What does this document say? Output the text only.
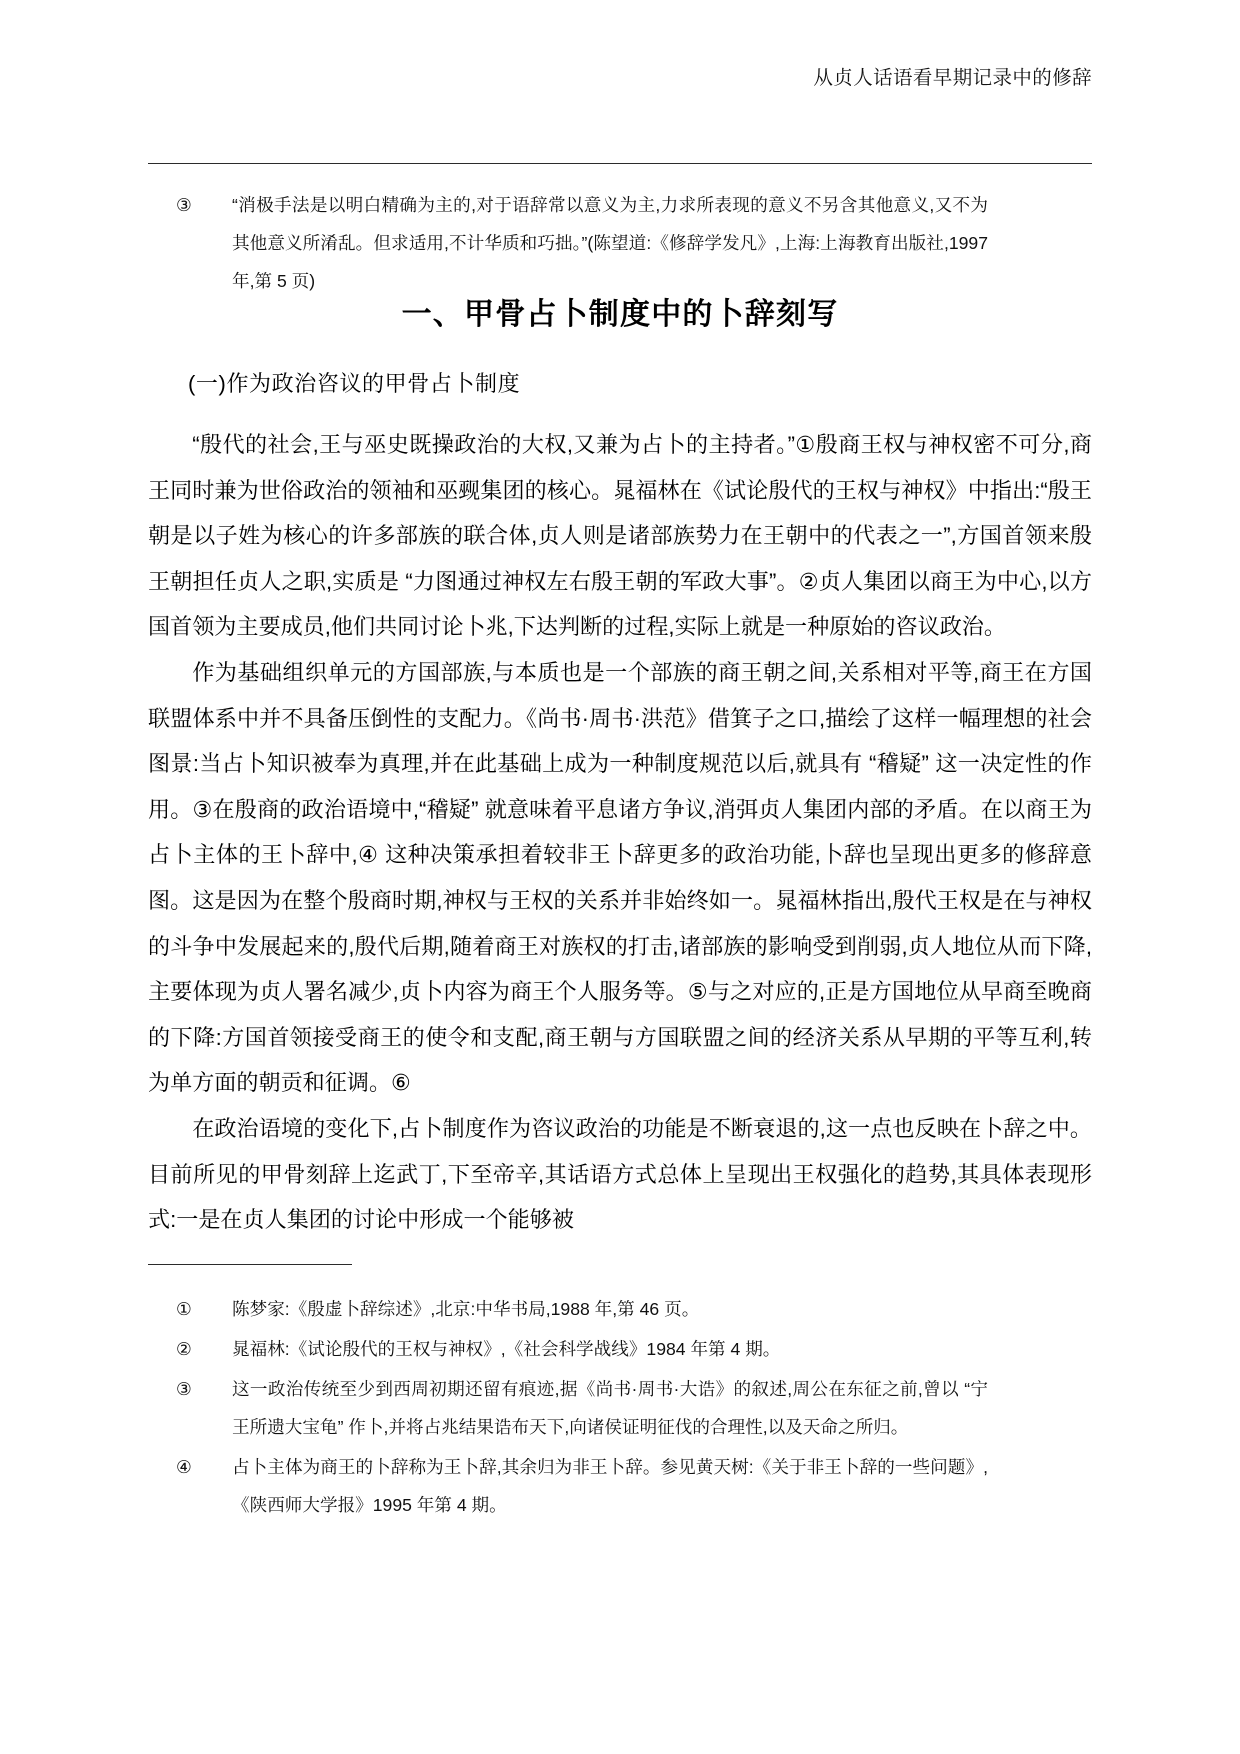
从贞人话语看早期记录中的修辞
③	“消极手法是以明白精确为主的,对于语辞常以意义为主,力求所表现的意义不另含其他意义,又不为其他意义所淆乱。但求适用,不计华质和巧拙。”(陈望道:《修辞学发凡》,上海:上海教育出版社,1997 年,第 5 页)
一、甲骨占卜制度中的卜辞刻写
(一)作为政治咨议的甲骨占卜制度

“殷代的社会,王与巫史既操政治的大权,又兼为占卜的主持者。”①殷商王权与神权密不可分,商王同时兼为世俗政治的领袖和巫觋集团的核心。晁福林在《试论殷代的王权与神权》中指出:“殷王朝是以子姓为核心的许多部族的联合体,贞人则是诸部族势力在王朝中的代表之一”,方国首领来殷王朝担任贞人之职,实质是 “力图通过神权左右殷王朝的军政大事”。②贞人集团以商王为中心,以方国首领为主要成员,他们共同讨论卜兆,下达判断的过程,实际上就是一种原始的咨议政治。

作为基础组织单元的方国部族,与本质也是一个部族的商王朝之间,关系相对平等,商王在方国联盟体系中并不具备压倒性的支配力。《尚书·周书·洪范》借箕子之口,描绘了这样一幅理想的社会图景:当占卜知识被奉为真理,并在此基础上成为一种制度规范以后,就具有 “稽疑” 这一决定性的作用。③在殷商的政治语境中,“稽疑” 就意味着平息诸方争议,消弭贞人集团内部的矛盾。在以商王为占卜主体的王卜辞中,④ 这种决策承担着较非王卜辞更多的政治功能,卜辞也呈现出更多的修辞意图。这是因为在整个殷商时期,神权与王权的关系并非始终如一。晁福林指出,殷代王权是在与神权的斗争中发展起来的,殷代后期,随着商王对族权的打击,诸部族的影响受到削弱,贞人地位从而下降,主要体现为贞人署名减少,贞卜内容为商王个人服务等。⑤与之对应的,正是方国地位从早商至晚商的下降:方国首领接受商王的使令和支配,商王朝与方国联盟之间的经济关系从早期的平等互利,转为单方面的朝贡和征调。⑥

在政治语境的变化下,占卜制度作为咨议政治的功能是不断衰退的,这一点也反映在卜辞之中。目前所见的甲骨刻辞上迄武丁,下至帝辛,其话语方式总体上呈现出王权强化的趋势,其具体表现形式:一是在贞人集团的讨论中形成一个能够被

①	陈梦家:《殷虚卜辞综述》,北京:中华书局,1988 年,第 46 页。
②	晁福林:《试论殷代的王权与神权》,《社会科学战线》1984 年第 4 期。
③	这一政治传统至少到西周初期还留有痕迹,据《尚书·周书·大诰》的叙述,周公在东征之前,曾以 “宁王所遗大宝龟” 作卜,并将占兆结果诰布天下,向诸侯证明征伐的合理性,以及天命之所归。
④	占卜主体为商王的卜辞称为王卜辞,其余归为非王卜辞。参见黄天树:《关于非王卜辞的一些问题》,《陕西师大学报》1995 年第 4 期。
